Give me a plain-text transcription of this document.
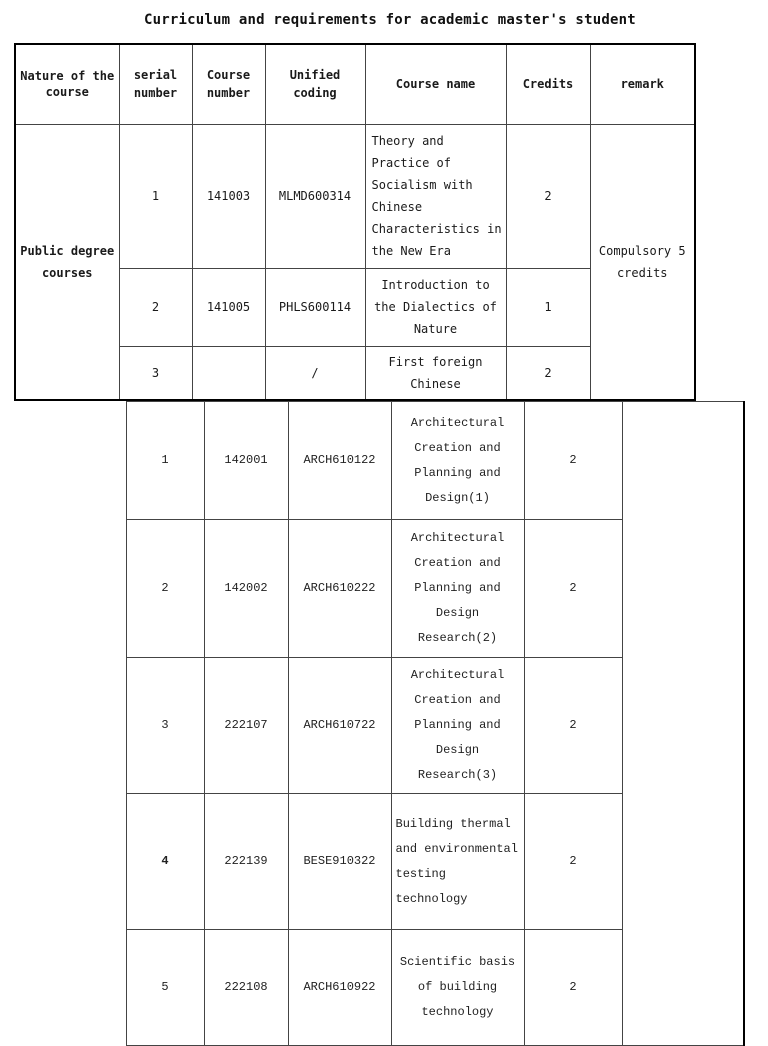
Curriculum and requirements for academic master's student
Nature of the course	serial number	Course number	Unified coding	Course name	Credits	remark
Public degree courses	1	141003	MLMD600314	Theory and Practice of Socialism with Chinese Characteristics in the New Era	2	Compulsory 5 credits
	2	141005	PHLS600114	Introduction to the Dialectics of Nature	1	
	3		/	First foreign Chinese	2	
	1	142001	ARCH610122	Architectural Creation and Planning and Design(1)	2		
	2	142002	ARCH610222	Architectural Creation and Planning and Design Research(2)	2		
	3	222107	ARCH610722	Architectural Creation and Planning and Design Research(3)	2		
	4	222139	BESE910322	Building thermal and environmental testing technology	2		
	5	222108	ARCH610922	Scientific basis of building technology	2		
